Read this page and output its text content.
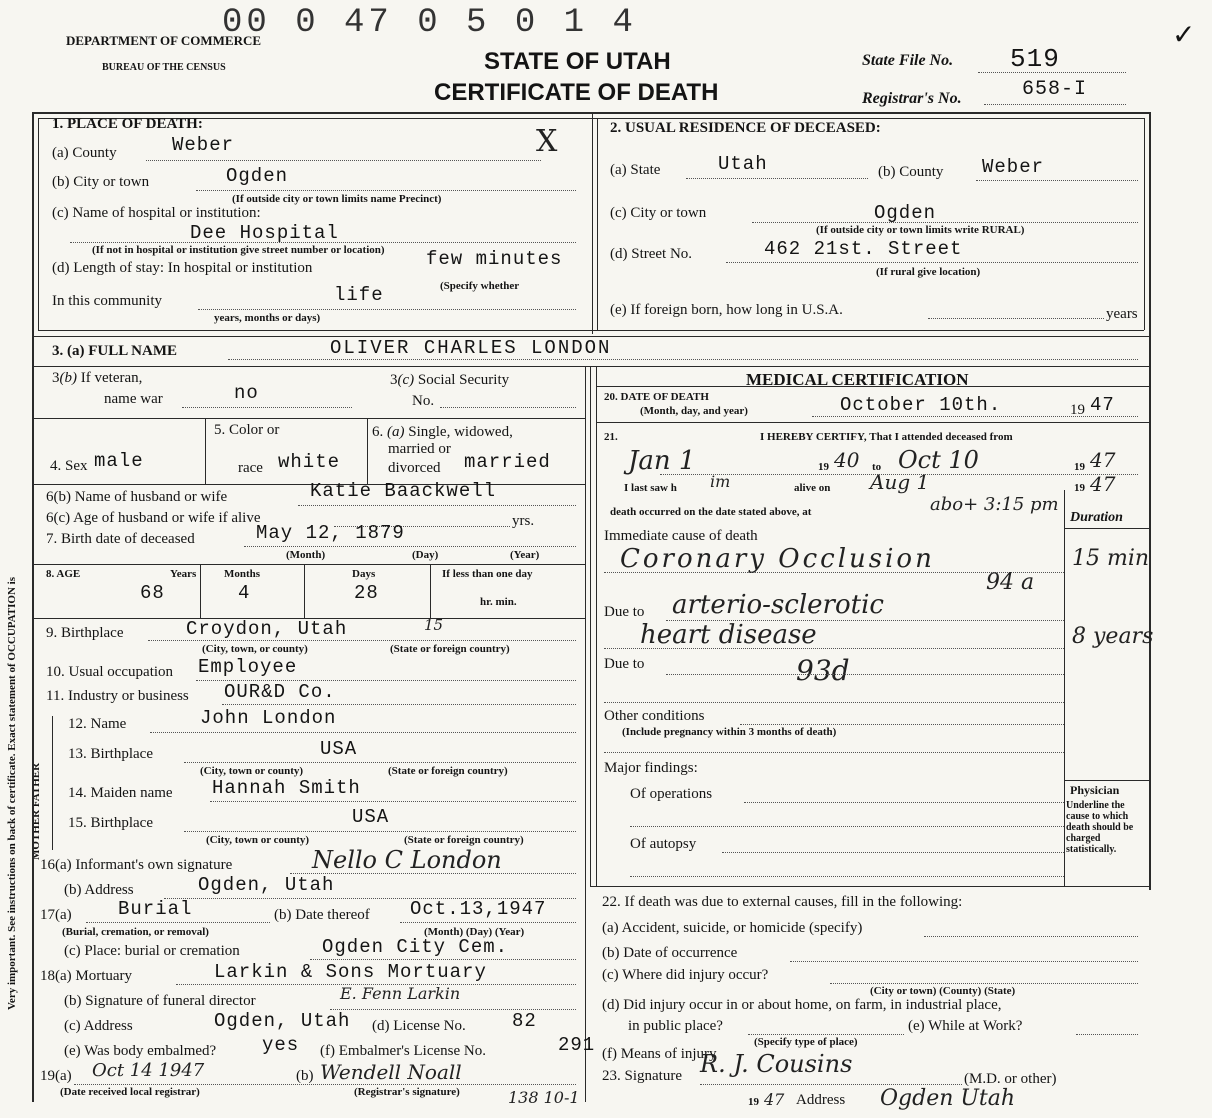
Very important. See instructions on back of certificate. Exact statement of OCCUPATION is MOTHER FATHER
DEPARTMENT OF COMMERCE
BUREAU OF THE CENSUS
00 0 47 0 5 0 1 4
STATE OF UTAH
CERTIFICATE OF DEATH
State File No. 519
Registrar's No.	658-I
✓
1. PLACE OF DEATH:
(a) County	Weber	X
(b) City or town	Ogden
(If outside city or town limits name Precinct)
(c) Name of hospital or institution:
Dee Hospital
(If not in hospital or institution give street number or location)
(d) Length of stay: In hospital or institution	few minutes
(Specify whether
In this community	life
years, months or days)
2. USUAL RESIDENCE OF DECEASED:
(a) State	Utah	(b) County Weber
(c) City or town	Ogden
(If outside city or town limits write RURAL)
(d) Street No.	462 21st. Street
(If rural give location)
(e) If foreign born, how long in U.S.A.	years
3. (a) FULL NAME	OLIVER CHARLES LONDON
3(b) If veteran,
name war	no
3(c) Social Security
No.
4. Sex male
5. Color or
race white
6. (a) Single, widowed,
married or
divorced married
6(b) Name of husband or wife	Katie Baackwell
6(c) Age of husband or wife if alive	yrs.
7. Birth date of deceased	May 12, 1879
(Month)	(Day)	(Year)
8. AGE	Years	Months	Days	If less than one day
68	4	28	hr. min.
9. Birthplace	Croydon, Utah	15
(City, town, or county)	(State or foreign country)
10. Usual occupation Employee
11. Industry or business OUR&D Co.
12. Name	John London
13. Birthplace	USA
(City, town or county)	(State or foreign country)
14. Maiden name Hannah Smith
15. Birthplace	USA
(City, town or county)	(State or foreign country)
16(a) Informant's own signature	Nello C London
(b) Address	Ogden, Utah
17(a) Burial
(Burial, cremation, or removal)
(b) Date thereof Oct.13,1947
(Month) (Day) (Year)
(c) Place: burial or cremation	Ogden City Cem.
18(a) Mortuary	Larkin & Sons Mortuary
(b) Signature of funeral director	E. Fenn Larkin
(c) Address	Ogden, Utah (d) License No. 82
(e) Was body embalmed? yes (f) Embalmer's License No.	291
19(a) Oct 14 1947	(b) Wendell Noall
(Date received local registrar)	(Registrar's signature)	138 10-1
MEDICAL CERTIFICATION
20. DATE OF DEATH
(Month, day, and year)	October 10th.	19 47
21.	I HEREBY CERTIFY, That I attended deceased from
Jan 1	19 40 to Oct 10	19 47
I last saw h im	alive on Aug 1	19 47
death occurred on the date stated above, at	abo+ 3:15 pm
Duration
Immediate cause of death
Coronary Occlusion	15 min
94 a
Due to arterio-sclerotic
heart disease	8 years
Due to	93d
Other conditions
(Include pregnancy within 3 months of death)
Major findings:
Of operations
Of autopsy
Physician
Underline the cause to which death should be charged statistically.
22. If death was due to external causes, fill in the following:
(a) Accident, suicide, or homicide (specify)
(b) Date of occurrence
(c) Where did injury occur?
(City or town) (County) (State)
(d) Did injury occur in or about home, on farm, in industrial place,
in public place?
(Specify type of place)
(e) While at Work?
(f) Means of injury
23. Signature R. J. Cousins
(M.D. or other)
19 47 Address Ogden Utah
